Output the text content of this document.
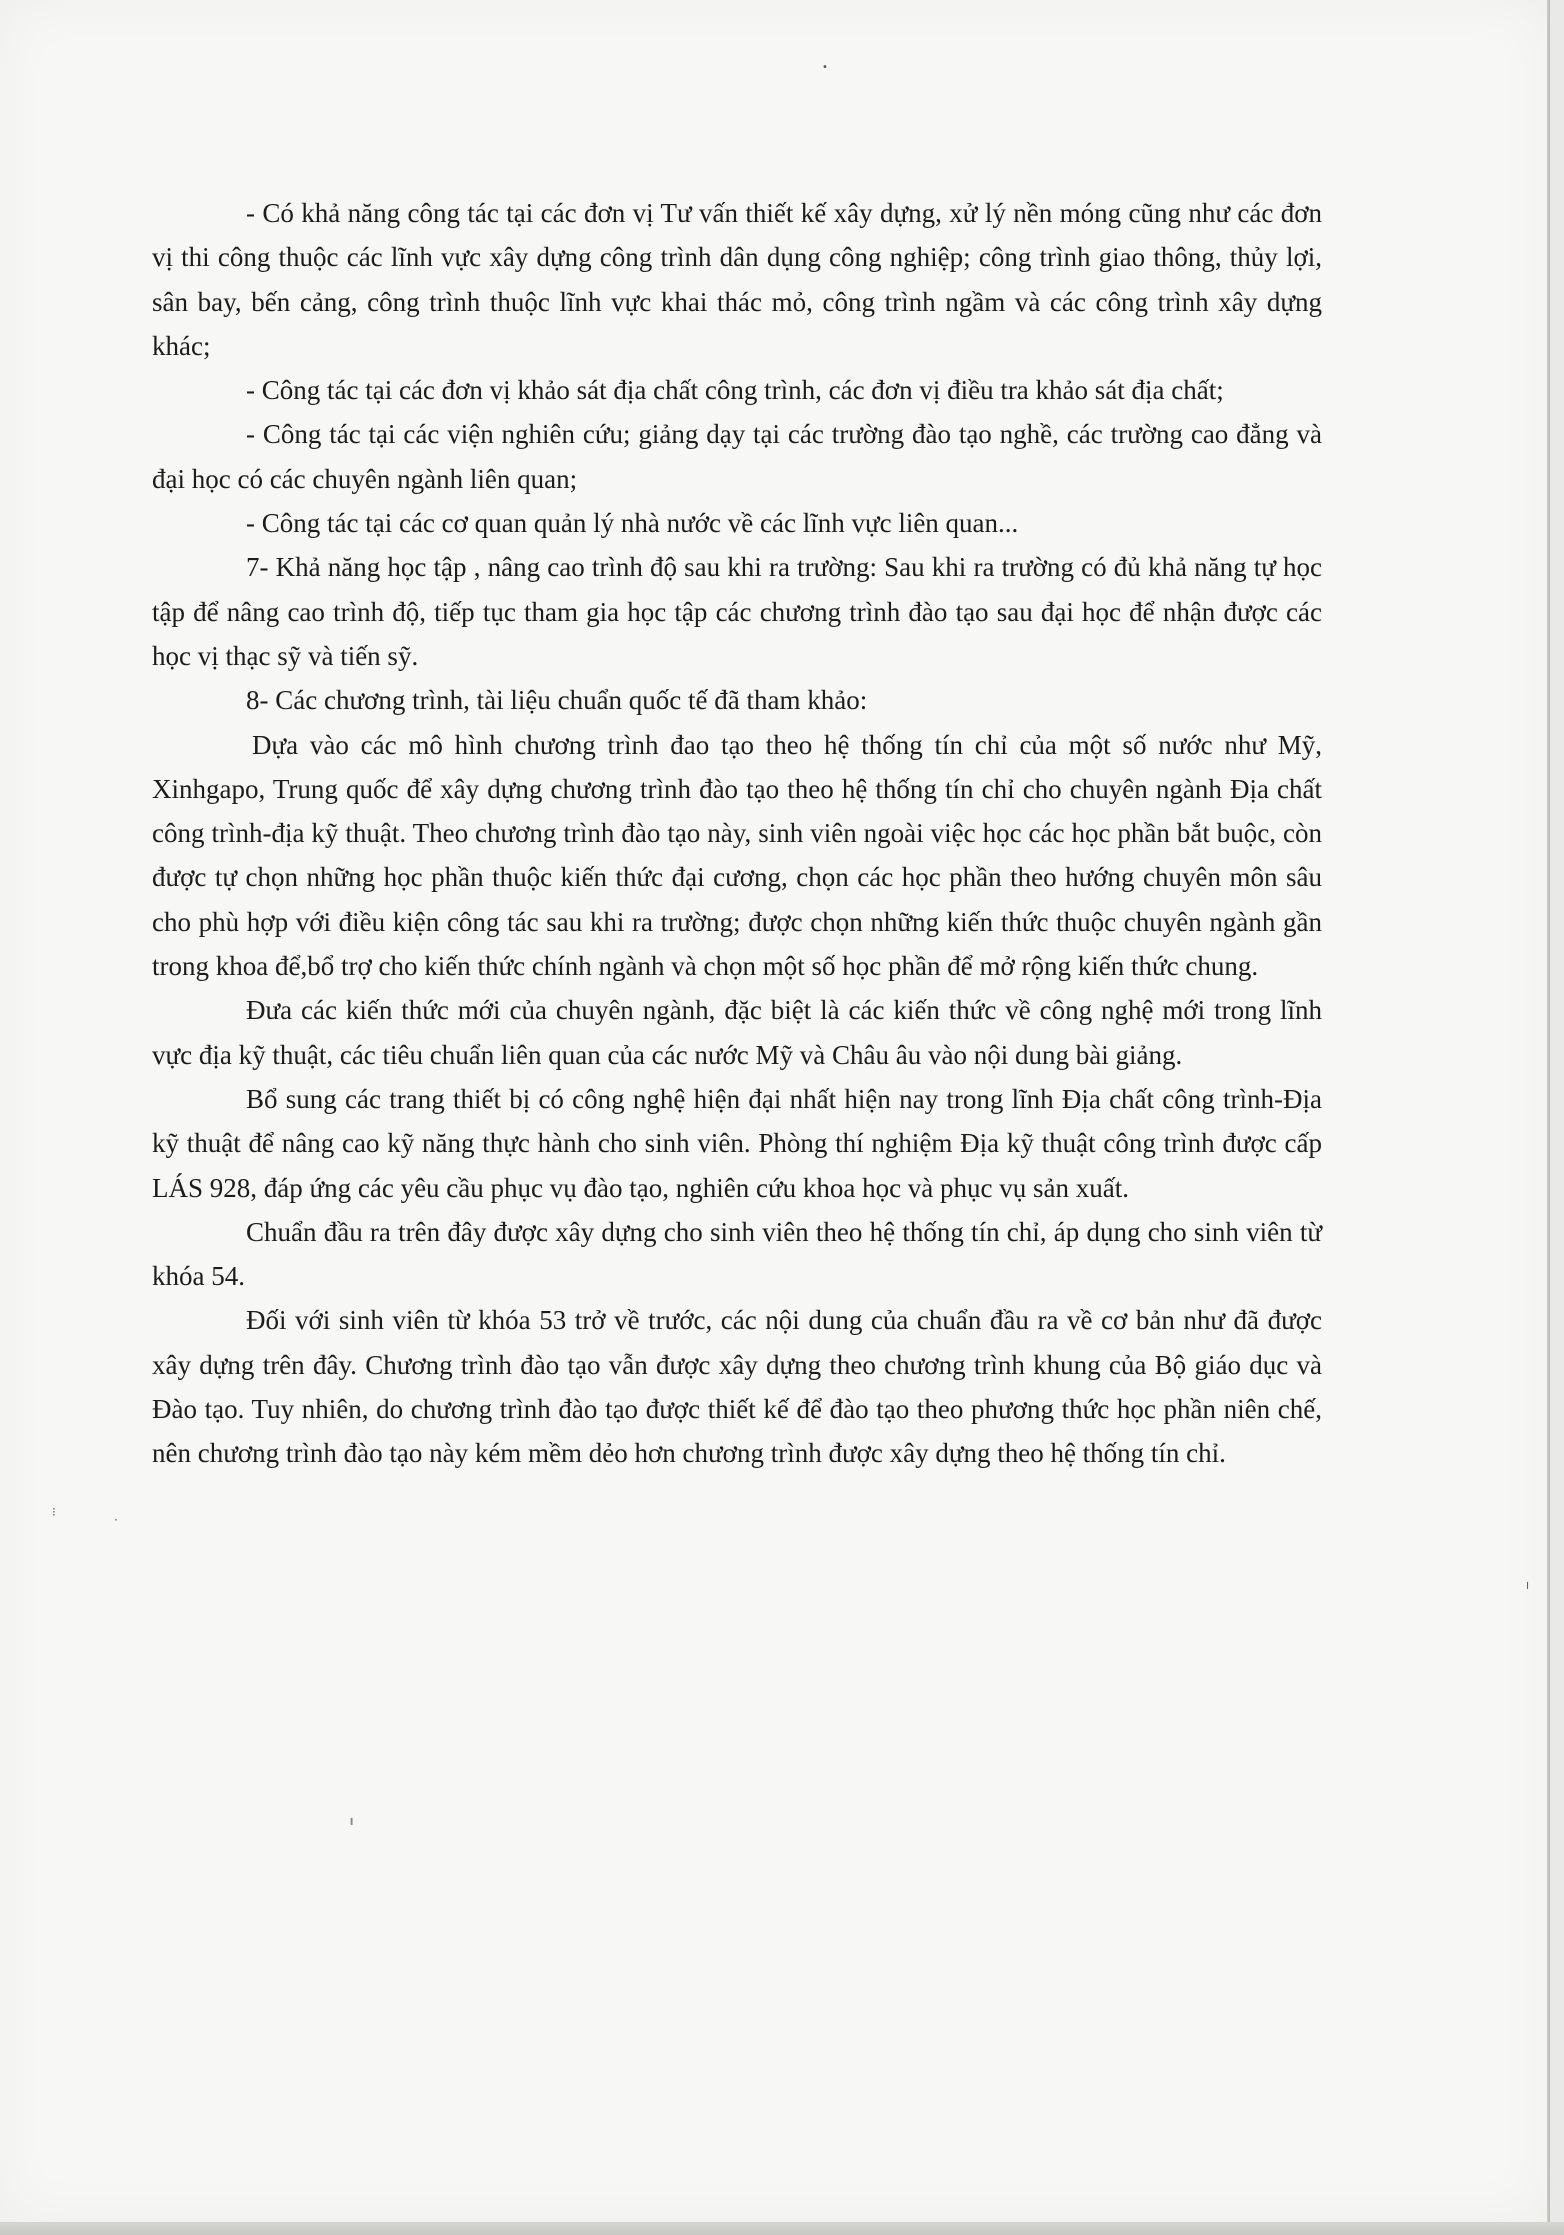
•
⁝
·
╷
╹

- Có khả năng công tác tại các đơn vị Tư vấn thiết kế xây dựng, xử lý nền móng cũng như các đơn vị thi công thuộc các lĩnh vực xây dựng công trình dân dụng công nghiệp; công trình giao thông, thủy lợi, sân bay, bến cảng, công trình thuộc lĩnh vực khai thác mỏ, công trình ngầm và các công trình xây dựng khác;

- Công tác tại các đơn vị khảo sát địa chất công trình, các đơn vị điều tra khảo sát địa chất;

- Công tác tại các viện nghiên cứu; giảng dạy tại các trường đào tạo nghề, các trường cao đẳng và đại học có các chuyên ngành liên quan;

- Công tác tại các cơ quan quản lý nhà nước về các lĩnh vực liên quan...

7- Khả năng học tập , nâng cao trình độ sau khi ra trường: Sau khi ra trường có đủ khả năng tự học tập để nâng cao trình độ, tiếp tục tham gia học tập các chương trình đào tạo sau đại học để nhận được các học vị thạc sỹ và tiến sỹ.

8- Các chương trình, tài liệu chuẩn quốc tế đã tham khảo:

Dựa vào các mô hình chương trình đao tạo theo hệ thống tín chỉ của một số nước như Mỹ, Xinhgapo, Trung quốc để xây dựng chương trình đào tạo theo hệ thống tín chỉ cho chuyên ngành Địa chất công trình-địa kỹ thuật. Theo chương trình đào tạo này, sinh viên ngoài việc học các học phần bắt buộc, còn được tự chọn những học phần thuộc kiến thức đại cương, chọn các học phần theo hướng chuyên môn sâu cho phù hợp với điều kiện công tác sau khi ra trường; được chọn những kiến thức thuộc chuyên ngành gần trong khoa để,bổ trợ cho kiến thức chính ngành và chọn một số học phần để mở rộng kiến thức chung.

Đưa các kiến thức mới của chuyên ngành, đặc biệt là các kiến thức về công nghệ mới trong lĩnh vực địa kỹ thuật, các tiêu chuẩn liên quan của các nước Mỹ và Châu âu vào nội dung bài giảng.

Bổ sung các trang thiết bị có công nghệ hiện đại nhất hiện nay trong lĩnh Địa chất công trình-Địa kỹ thuật để nâng cao kỹ năng thực hành cho sinh viên. Phòng thí nghiệm Địa kỹ thuật công trình được cấp LÁS 928, đáp ứng các yêu cầu phục vụ đào tạo, nghiên cứu khoa học và phục vụ sản xuất.

Chuẩn đầu ra trên đây được xây dựng cho sinh viên theo hệ thống tín chỉ, áp dụng cho sinh viên từ khóa 54.

Đối với sinh viên từ khóa 53 trở về trước, các nội dung của chuẩn đầu ra về cơ bản như đã được xây dựng trên đây. Chương trình đào tạo vẫn được xây dựng theo chương trình khung của Bộ giáo dục và Đào tạo. Tuy nhiên, do chương trình đào tạo được thiết kế để đào tạo theo phương thức học phần niên chế, nên chương trình đào tạo này kém mềm dẻo hơn chương trình được xây dựng theo hệ thống tín chỉ.
